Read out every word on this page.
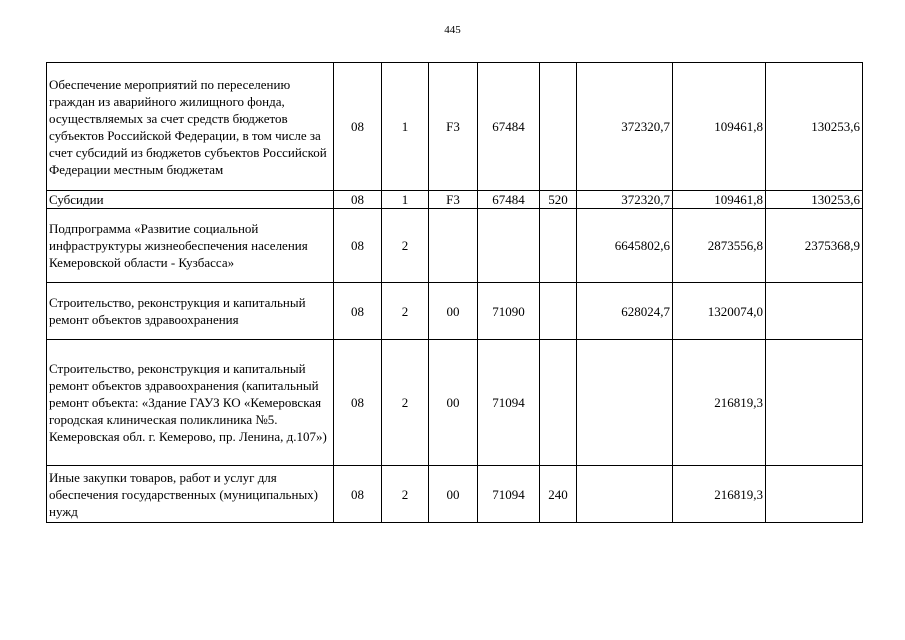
445
Обеспечение мероприятий по переселению граждан из аварийного жилищного фонда, осуществляемых за счет средств бюджетов субъектов Российской Федерации, в том числе за счет субсидий из бюджетов субъектов Российской Федерации местным бюджетам	08	1	F3	67484		372320,7	109461,8	130253,6
Субсидии	08	1	F3	67484	520	372320,7	109461,8	130253,6
Подпрограмма «Развитие социальной инфраструктуры жизнеобеспечения населения Кемеровской области - Кузбасса»	08	2				6645802,6	2873556,8	2375368,9
Строительство, реконструкция и капитальный ремонт объектов здравоохранения	08	2	00	71090		628024,7	1320074,0	
Строительство, реконструкция и капитальный ремонт объектов здравоохранения (капитальный ремонт объекта: «Здание ГАУЗ КО «Кемеровская городская клиническая поликлиника №5. Кемеровская обл. г. Кемерово, пр. Ленина, д.107»)	08	2	00	71094			216819,3	
Иные закупки товаров, работ и услуг для обеспечения государственных (муниципальных) нужд	08	2	00	71094	240		216819,3	
